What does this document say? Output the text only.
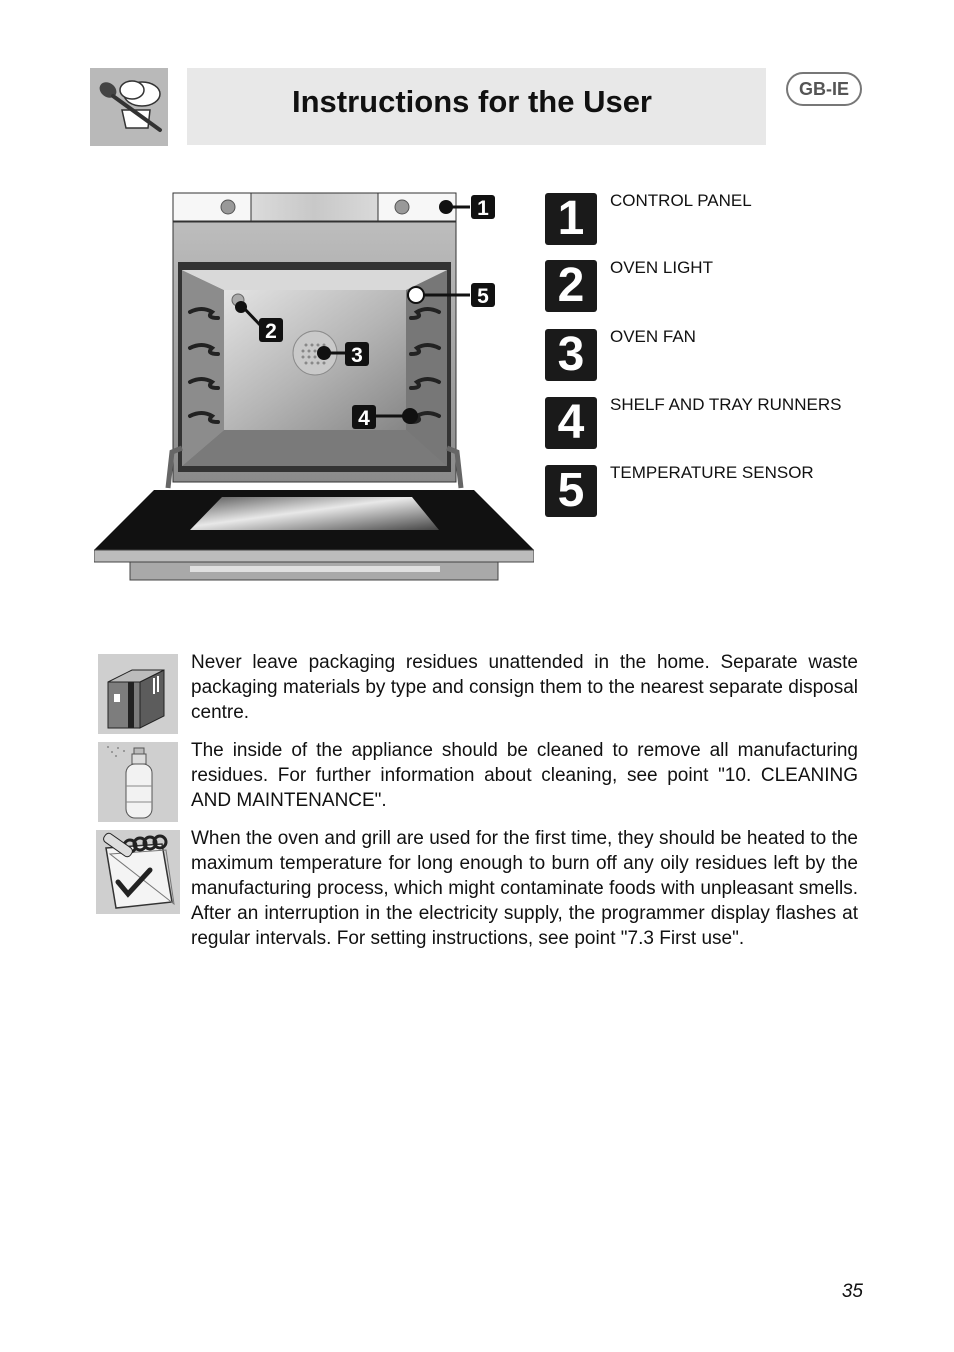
Instructions for the User	GB-IE
1
5
2
3
4
1	CONTROL PANEL
2	OVEN LIGHT
3	OVEN FAN
4	SHELF AND TRAY RUNNERS
5	TEMPERATURE SENSOR
Never leave packaging residues unattended in the home. Separate waste packaging materials by type and consign them to the nearest separate disposal centre.
The inside of the appliance should be cleaned to remove all manufacturing residues. For further information about cleaning, see point "10. CLEANING AND MAINTENANCE".
When the oven and grill are used for the first time, they should be heated to the maximum temperature for long enough to burn off any oily residues left by the manufacturing process, which might contaminate foods with unpleasant smells. After an interruption in the electricity supply, the programmer display flashes at regular intervals. For setting instructions, see point "7.3 First use".
35
